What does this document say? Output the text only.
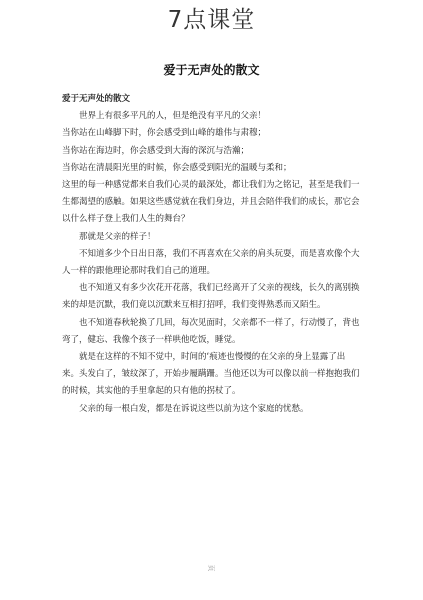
7点课堂
爱于无声处的散文

爱于无声处的散文

世界上有很多平凡的人，但是绝没有平凡的父亲！

当你站在山峰脚下时，你会感受到山峰的雄伟与肃穆；

当你站在海边时，你会感受到大海的深沉与浩瀚；

当你站在清晨阳光里的时候，你会感受到阳光的温暖与柔和；

这里的每一种感觉都来自我们心灵的最深处，都让我们为之铭记，甚至是我们一生都渴望的感触。如果这些感觉就在我们身边，并且会陪伴我们的成长，那它会以什么样子登上我们人生的舞台？

那就是父亲的样子！

不知道多少个日出日落，我们不再喜欢在父亲的肩头玩耍，而是喜欢像个大人一样的跟他理论那时我们自己的道理。

也不知道又有多少次花开花落，我们已经离开了父亲的视线，长久的离别换来的却是沉默，我们竟以沉默来互相打招呼，我们变得熟悉而又陌生。

也不知道春秋轮换了几回，每次见面时，父亲都不一样了，行动慢了，背也弯了，健忘、我像个孩子一样哄他吃饭，睡觉。

就是在这样的不知不觉中，时间的‘痕迹也慢慢的在父亲的身上显露了出来。头发白了，皱纹深了，开始步履蹒跚。当他还以为可以像以前一样抱抱我们的时候，其实他的手里拿起的只有他的拐杖了。

父亲的每一根白发，都是在诉说这些以前为这个家庭的忧愁。

页
